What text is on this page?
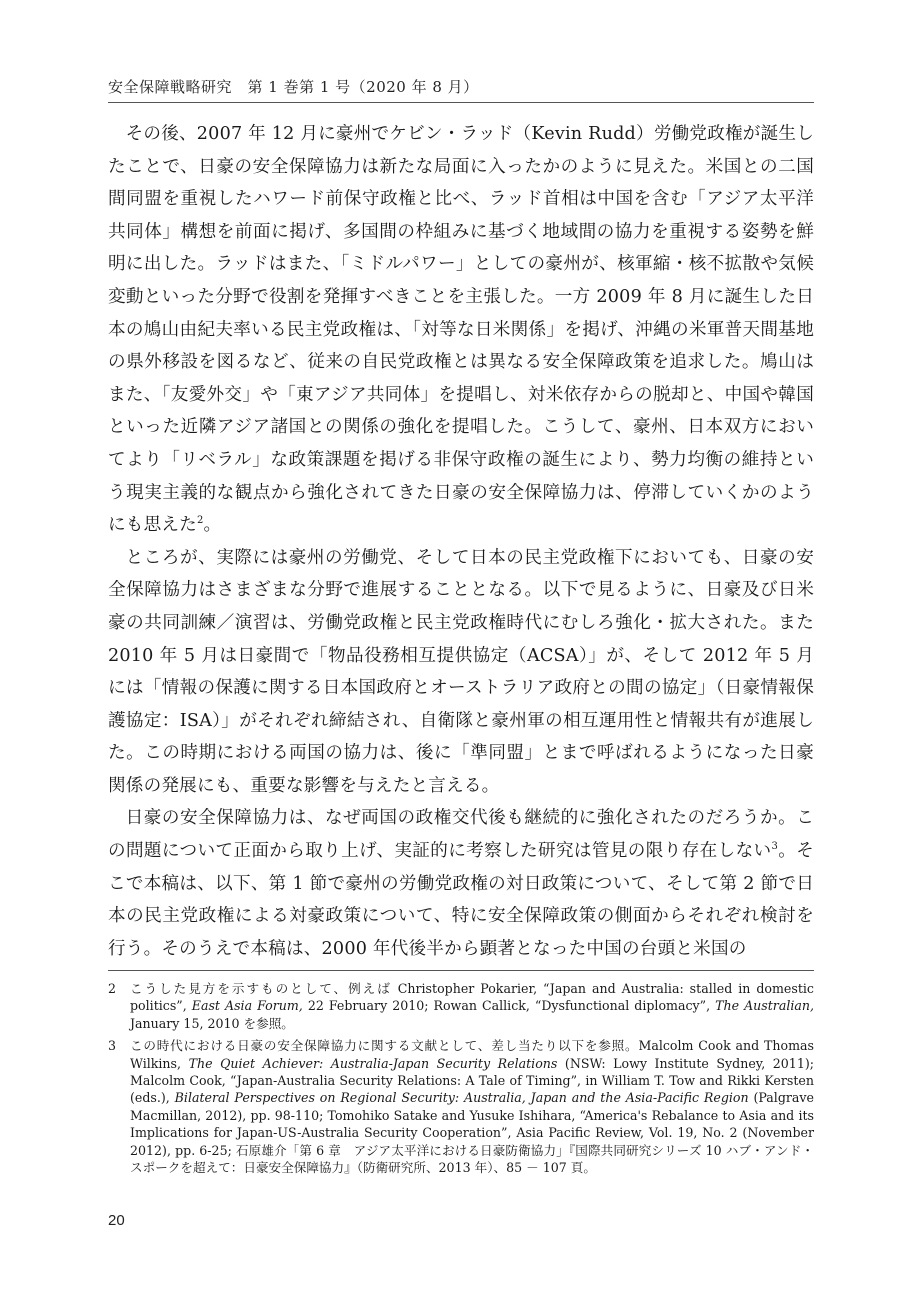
安全保障戦略研究　第 1 巻第 1 号（2020 年 8 月）

その後、2007 年 12 月に豪州でケビン・ラッド（Kevin Rudd）労働党政権が誕生したことで、日豪の安全保障協力は新たな局面に入ったかのように見えた。米国との二国間同盟を重視したハワード前保守政権と比べ、ラッド首相は中国を含む「アジア太平洋共同体」構想を前面に掲げ、多国間の枠組みに基づく地域間の協力を重視する姿勢を鮮明に出した。ラッドはまた、「ミドルパワー」としての豪州が、核軍縮・核不拡散や気候変動といった分野で役割を発揮すべきことを主張した。一方 2009 年 8 月に誕生した日本の鳩山由紀夫率いる民主党政権は、「対等な日米関係」を掲げ、沖縄の米軍普天間基地の県外移設を図るなど、従来の自民党政権とは異なる安全保障政策を追求した。鳩山はまた、「友愛外交」や「東アジア共同体」を提唱し、対米依存からの脱却と、中国や韓国といった近隣アジア諸国との関係の強化を提唱した。こうして、豪州、日本双方においてより「リベラル」な政策課題を掲げる非保守政権の誕生により、勢力均衡の維持という現実主義的な観点から強化されてきた日豪の安全保障協力は、停滞していくかのようにも思えた$^2$。

ところが、実際には豪州の労働党、そして日本の民主党政権下においても、日豪の安全保障協力はさまざまな分野で進展することとなる。以下で見るように、日豪及び日米豪の共同訓練／演習は、労働党政権と民主党政権時代にむしろ強化・拡大された。また 2010 年 5 月は日豪間で「物品役務相互提供協定（ACSA）」が、そして 2012 年 5 月には「情報の保護に関する日本国政府とオーストラリア政府との間の協定」（日豪情報保護協定：ISA）」がそれぞれ締結され、自衛隊と豪州軍の相互運用性と情報共有が進展した。この時期における両国の協力は、後に「準同盟」とまで呼ばれるようになった日豪関係の発展にも、重要な影響を与えたと言える。

日豪の安全保障協力は、なぜ両国の政権交代後も継続的に強化されたのだろうか。この問題について正面から取り上げ、実証的に考察した研究は管見の限り存在しない$^3$。そこで本稿は、以下、第 1 節で豪州の労働党政権の対日政策について、そして第 2 節で日本の民主党政権による対豪政策について、特に安全保障政策の側面からそれぞれ検討を行う。そのうえで本稿は、2000 年代後半から顕著となった中国の台頭と米国の

2	こうした見方を示すものとして、例えば Christopher Pokarier, “Japan and Australia: stalled in domestic politics”, East Asia Forum, 22 February 2010; Rowan Callick, “Dysfunctional diplomacy”, The Australian, January 15, 2010 を参照。
3	この時代における日豪の安全保障協力に関する文献として、差し当たり以下を参照。Malcolm Cook and Thomas Wilkins, The Quiet Achiever: Australia-Japan Security Relations (NSW: Lowy Institute Sydney, 2011); Malcolm Cook, “Japan-Australia Security Relations: A Tale of Timing”, in William T. Tow and Rikki Kersten (eds.), Bilateral Perspectives on Regional Security: Australia, Japan and the Asia-Pacific Region (Palgrave Macmillan, 2012), pp. 98-110; Tomohiko Satake and Yusuke Ishihara, “America's Rebalance to Asia and its Implications for Japan-US-Australia Security Cooperation”, Asia Pacific Review, Vol. 19, No. 2 (November 2012), pp. 6-25; 石原雄介「第 6 章　アジア太平洋における日豪防衛協力」『国際共同研究シリーズ 10 ハブ・アンド・スポークを超えて：日豪安全保障協力』（防衛研究所、2013 年）、85 － 107 頁。
20
